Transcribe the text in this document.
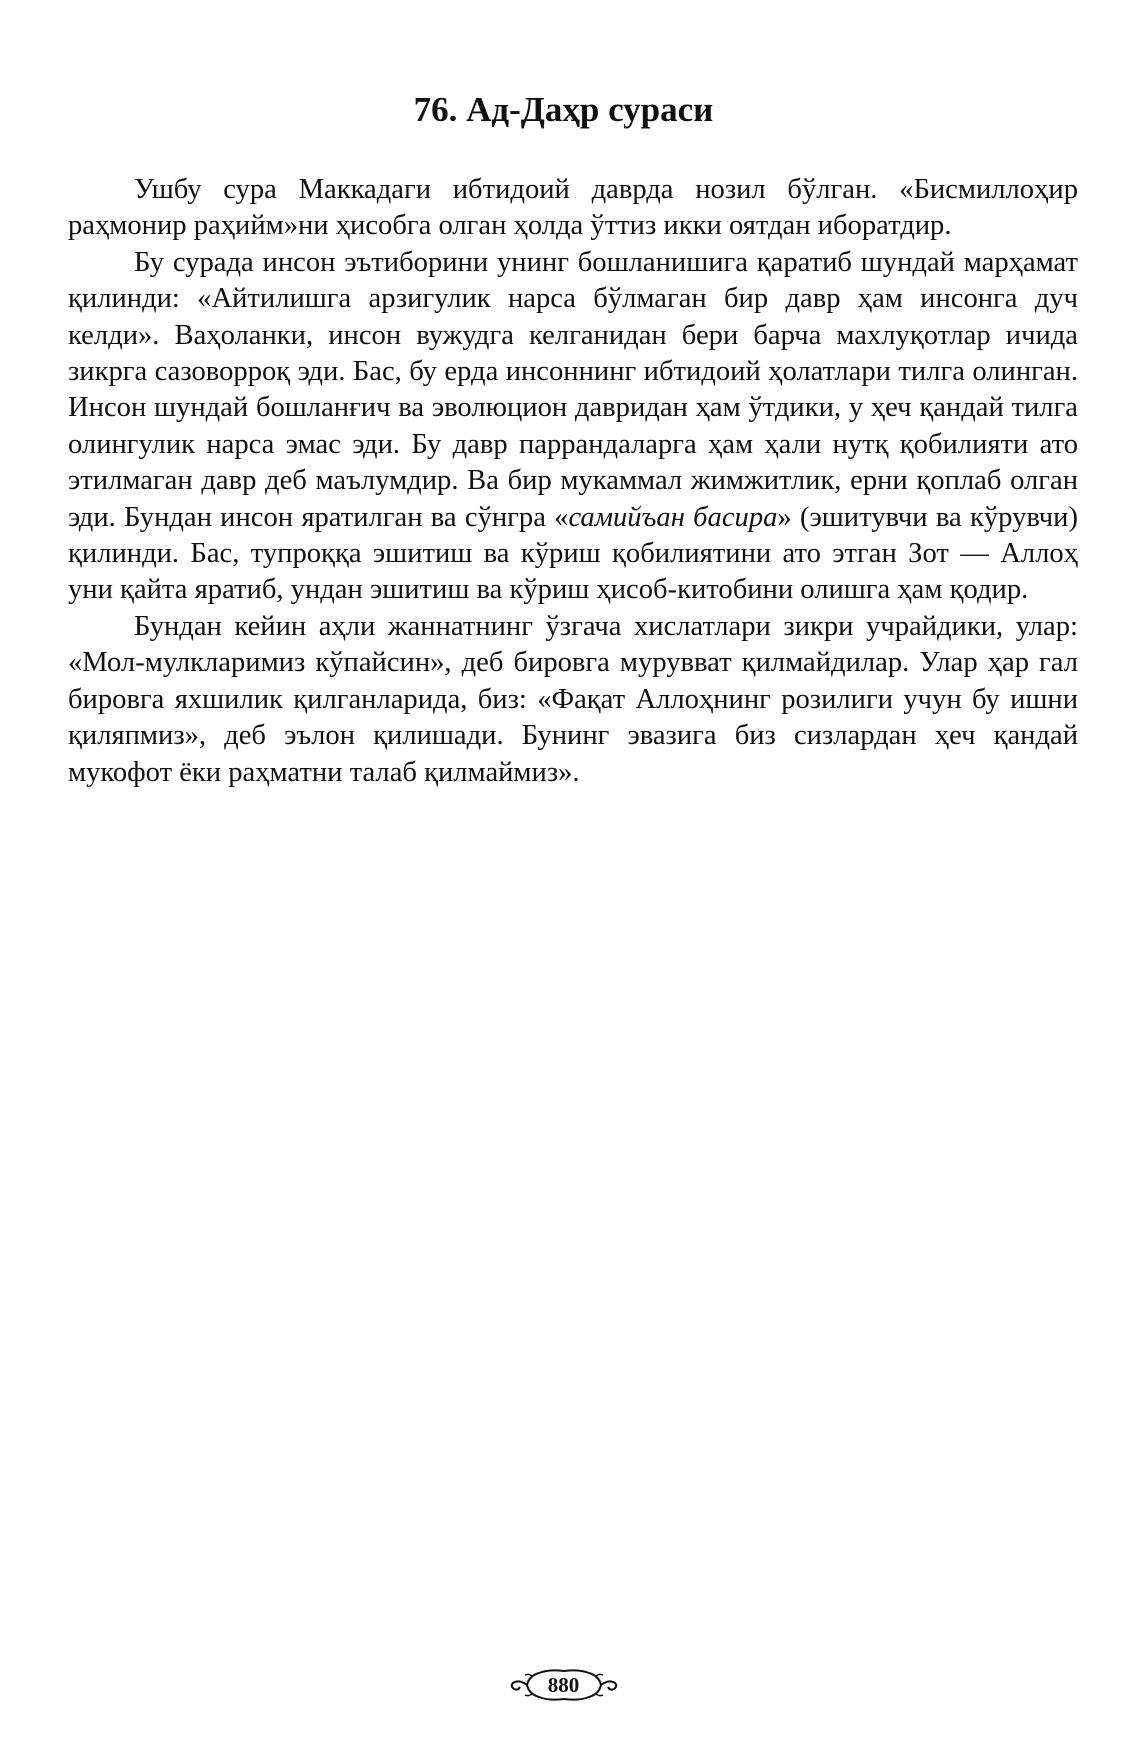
76. Ад-Даҳр сураси

Ушбу сура Маккадаги ибтидоий даврда нозил бўлган. «Бисмиллоҳир раҳмонир раҳийм»ни ҳисобга олган ҳолда ўттиз икки оятдан иборатдир.

Бу сурада инсон эътиборини унинг бошланишига қаратиб шундай марҳамат қилинди: «Айтилишга арзигулик нарса бўлмаган бир давр ҳам инсонга дуч келди». Ваҳоланки, инсон вужудга келганидан бери барча махлуқотлар ичида зикрга сазоворроқ эди. Бас, бу ерда инсоннинг ибтидоий ҳолатлари тилга олинган. Инсон шундай бошланғич ва эволюцион давридан ҳам ўтдики, у ҳеч қандай тилга олингулик нарса эмас эди. Бу давр паррандаларга ҳам ҳали нутқ қобилияти ато этилмаган давр деб маълумдир. Ва бир мукаммал жимжитлик, ерни қоплаб олган эди. Бундан инсон яратилган ва сўнгра «самийъан басира» (эшитувчи ва кўрувчи) қилинди. Бас, тупроққа эшитиш ва кўриш қобилиятини ато этган Зот — Аллоҳ уни қайта яратиб, ундан эшитиш ва кўриш ҳисоб-китобини олишга ҳам қодир.

Бундан кейин аҳли жаннатнинг ўзгача хислатлари зикри учрайдики, улар: «Мол-мулкларимиз кўпайсин», деб бировга мурувват қилмайдилар. Улар ҳар гал бировга яхшилик қилганларида, биз: «Фақат Аллоҳнинг розилиги учун бу ишни қиляпмиз», деб эълон қилишади. Бунинг эвазига биз сизлардан ҳеч қандай мукофот ёки раҳматни талаб қилмаймиз».

880
